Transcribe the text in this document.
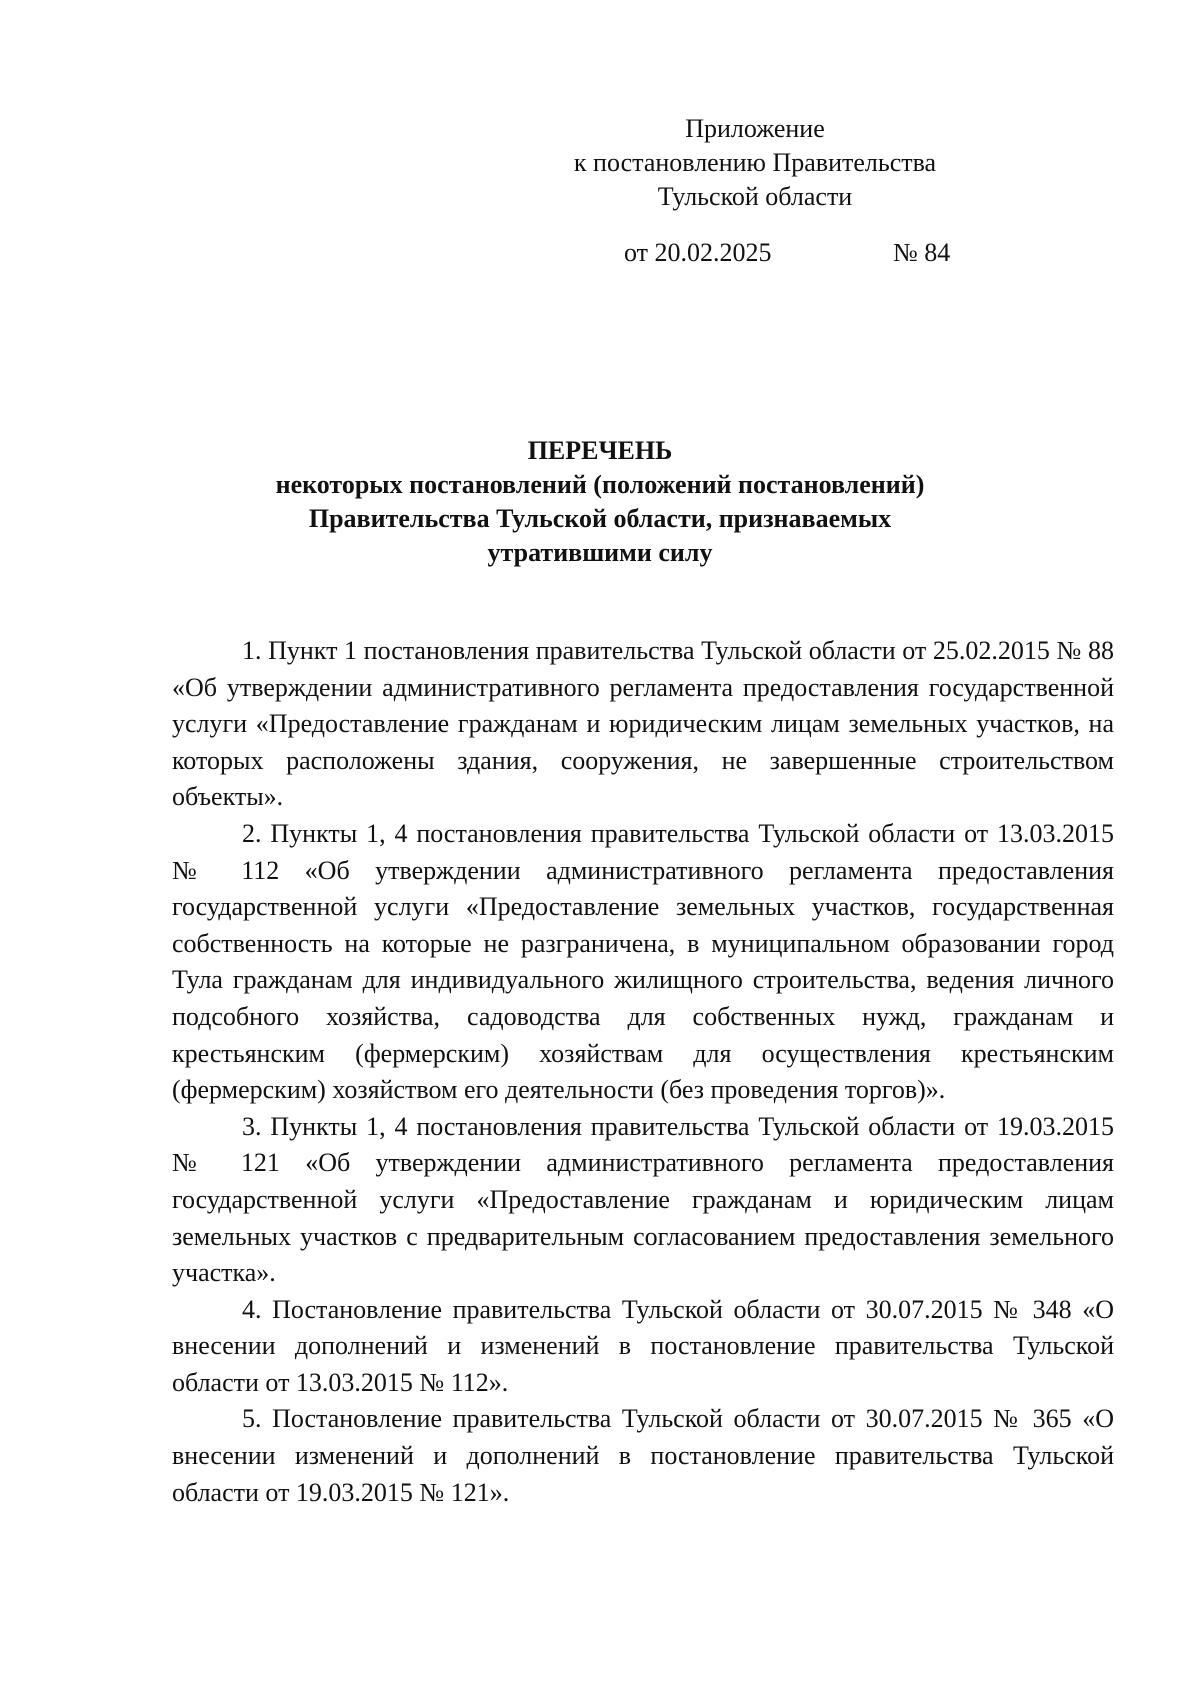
Приложение
к постановлению Правительства
Тульской области
от 20.02.2025	№ 84
ПЕРЕЧЕНЬ
некоторых постановлений (положений постановлений)
Правительства Тульской области, признаваемых
утратившими силу

1. Пункт 1 постановления правительства Тульской области от 25.02.2015 № 88 «Об утверждении административного регламента предоставления государственной услуги «Предоставление гражданам и юридическим лицам земельных участков, на которых расположены здания, сооружения, не завершенные строительством объекты».

2. Пункты 1, 4 постановления правительства Тульской области от 13.03.2015 № 112 «Об утверждении административного регламента предоставления государственной услуги «Предоставление земельных участков, государственная собственность на которые не разграничена, в муниципальном образовании город Тула гражданам для индивидуального жилищного строительства, ведения личного подсобного хозяйства, садоводства для собственных нужд, гражданам и крестьянским (фермерским) хозяйствам для осуществления крестьянским (фермерским) хозяйством его деятельности (без проведения торгов)».

3. Пункты 1, 4 постановления правительства Тульской области от 19.03.2015 № 121 «Об утверждении административного регламента предоставления государственной услуги «Предоставление гражданам и юридическим лицам земельных участков с предварительным согласованием предоставления земельного участка».

4. Постановление правительства Тульской области от 30.07.2015 № 348 «О внесении дополнений и изменений в постановление правительства Тульской области от 13.03.2015 № 112».

5. Постановление правительства Тульской области от 30.07.2015 № 365 «О внесении изменений и дополнений в постановление правительства Тульской области от 19.03.2015 № 121».
